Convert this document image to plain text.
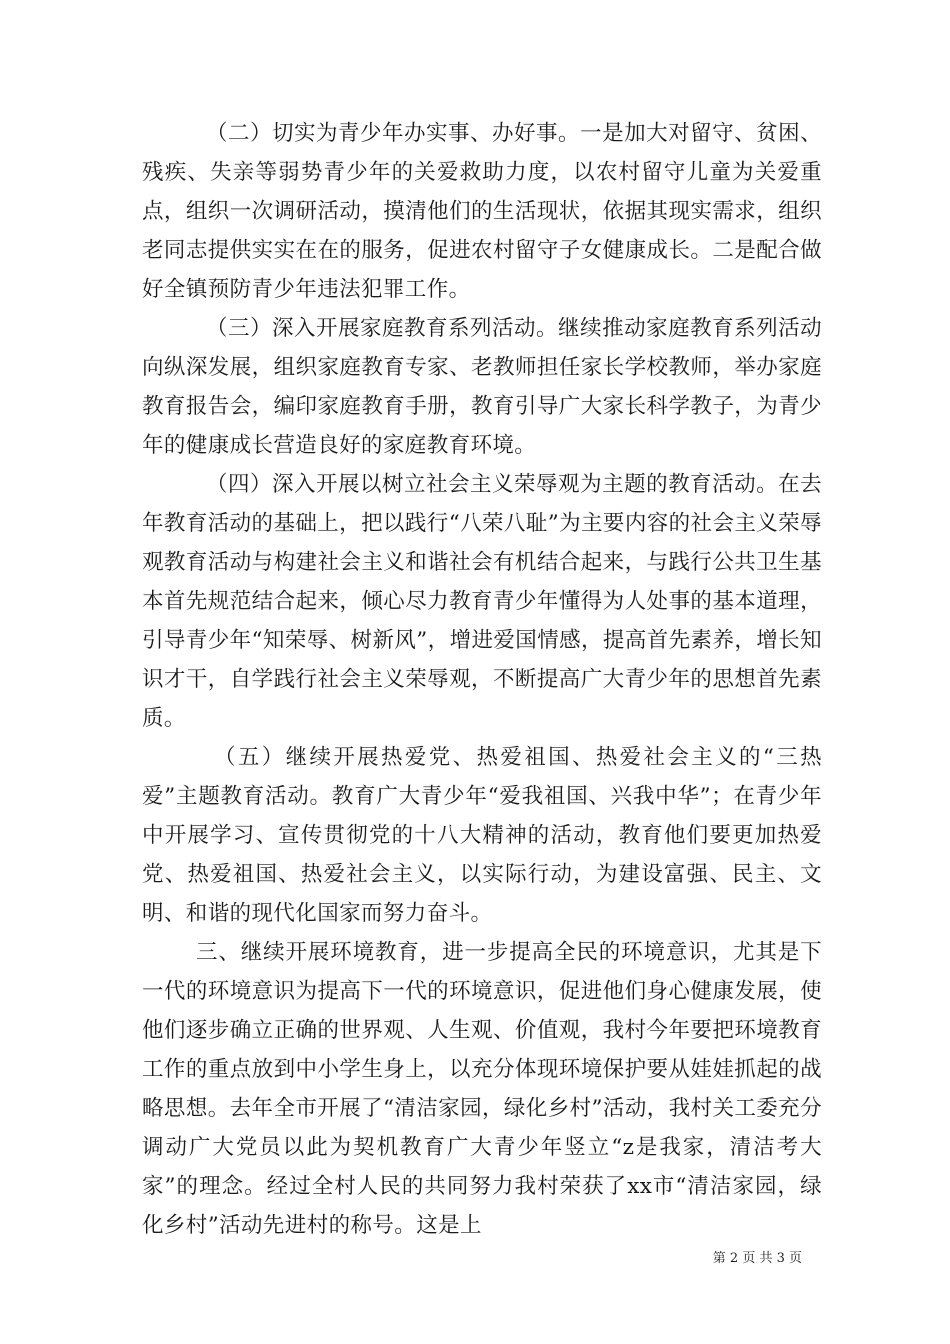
（二）切实为青少年办实事、办好事。一是加大对留守、贫困、残疾、失亲等弱势青少年的关爱救助力度，以农村留守儿童为关爱重点，组织一次调研活动，摸清他们的生活现状，依据其现实需求，组织老同志提供实实在在的服务，促进农村留守子女健康成长。二是配合做好全镇预防青少年违法犯罪工作。

（三）深入开展家庭教育系列活动。继续推动家庭教育系列活动向纵深发展，组织家庭教育专家、老教师担任家长学校教师，举办家庭教育报告会，编印家庭教育手册，教育引导广大家长科学教子，为青少年的健康成长营造良好的家庭教育环境。

（四）深入开展以树立社会主义荣辱观为主题的教育活动。在去年教育活动的基础上，把以践行“八荣八耻”为主要内容的社会主义荣辱观教育活动与构建社会主义和谐社会有机结合起来，与践行公共卫生基本首先规范结合起来，倾心尽力教育青少年懂得为人处事的基本道理，引导青少年“知荣辱、树新风”，增进爱国情感，提高首先素养，增长知识才干，自学践行社会主义荣辱观，不断提高广大青少年的思想首先素质。

（五）继续开展热爱党、热爱祖国、热爱社会主义的“三热爱”主题教育活动。教育广大青少年“爱我祖国、兴我中华”；在青少年中开展学习、宣传贯彻党的十八大精神的活动，教育他们要更加热爱党、热爱祖国、热爱社会主义，以实际行动，为建设富强、民主、文明、和谐的现代化国家而努力奋斗。

三、继续开展环境教育，进一步提高全民的环境意识，尤其是下一代的环境意识为提高下一代的环境意识，促进他们身心健康发展，使他们逐步确立正确的世界观、人生观、价值观，我村今年要把环境教育工作的重点放到中小学生身上，以充分体现环境保护要从娃娃抓起的战略思想。去年全市开展了“清洁家园，绿化乡村”活动，我村关工委充分调动广大党员以此为契机教育广大青少年竖立“z是我家，清洁考大家”的理念。经过全村人民的共同努力我村荣获了xx市“清洁家园，绿化乡村”活动先进村的称号。这是上

第 2 页 共 3 页
